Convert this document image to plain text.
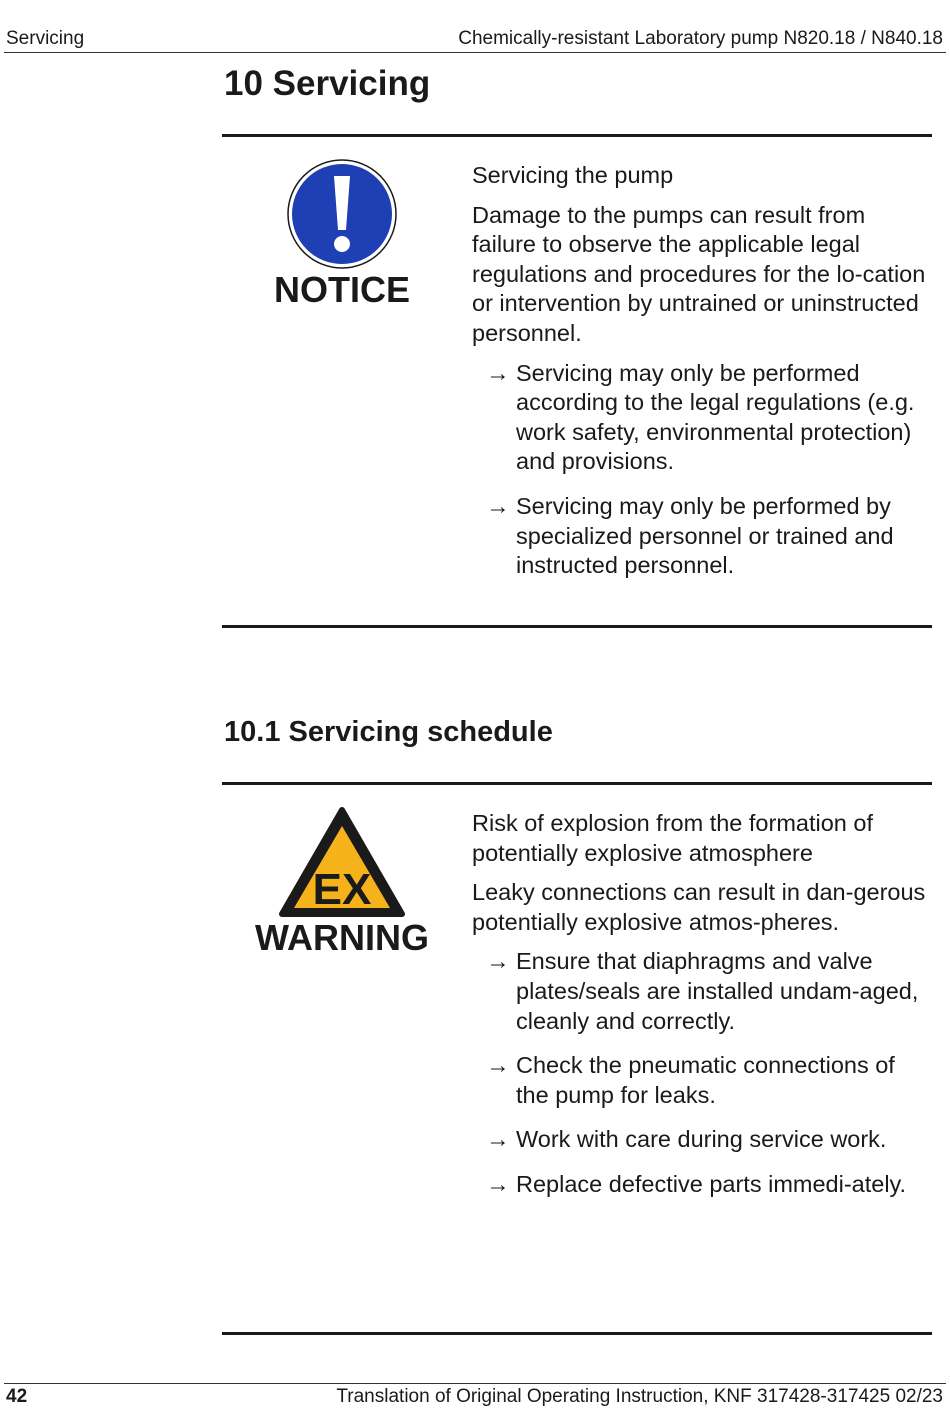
Servicing	Chemically-resistant Laboratory pump N820.18 / N840.18
10 Servicing
NOTICE

Servicing the pump

Damage to the pumps can result from failure to observe the applicable legal regulations and procedures for the lo-cation or intervention by untrained or uninstructed personnel.

→ Servicing may only be performed according to the legal regulations (e.g. work safety, environmental protection) and provisions.
→ Servicing may only be performed by specialized personnel or trained and instructed personnel.
10.1 Servicing schedule
EX
WARNING

Risk of explosion from the formation of potentially explosive atmosphere

Leaky connections can result in dan-gerous potentially explosive atmos-pheres.

→ Ensure that diaphragms and valve plates/seals are installed undam-aged, cleanly and correctly.
→ Check the pneumatic connections of the pump for leaks.
→ Work with care during service work.
→ Replace defective parts immedi-ately.
42	Translation of Original Operating Instruction, KNF 317428-317425 02/23
